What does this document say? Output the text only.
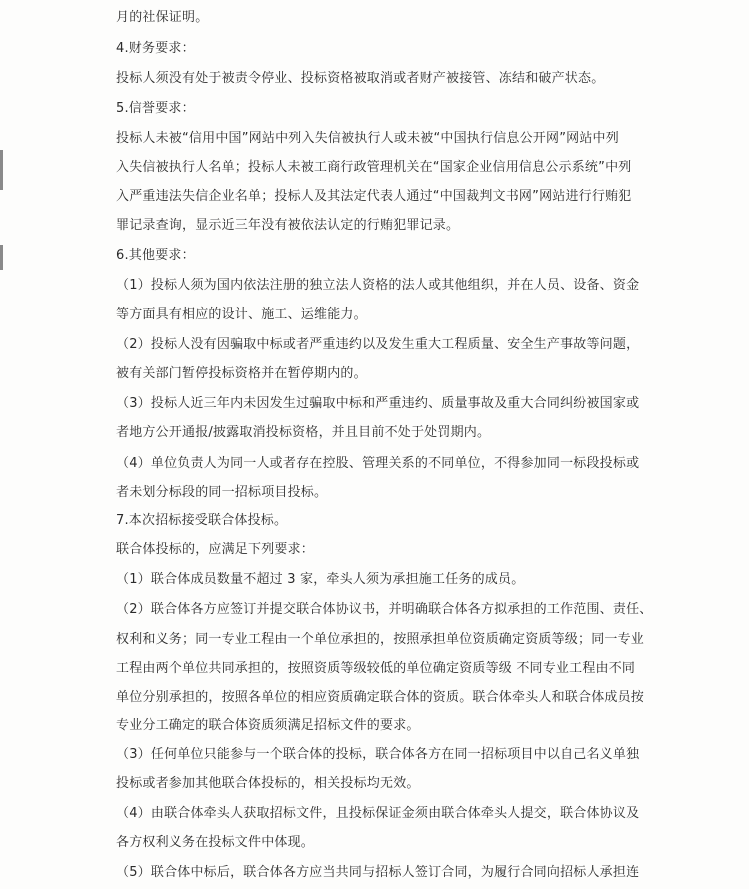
月的社保证明。
4.财务要求：
投标人须没有处于被责令停业、投标资格被取消或者财产被接管、冻结和破产状态。
5.信誉要求：
投标人未被“信用中国”网站中列入失信被执行人或未被“中国执行信息公开网”网站中列
入失信被执行人名单；投标人未被工商行政管理机关在“国家企业信用信息公示系统”中列
入严重违法失信企业名单；投标人及其法定代表人通过“中国裁判文书网”网站进行行贿犯
罪记录查询，显示近三年没有被依法认定的行贿犯罪记录。
6.其他要求：
（1）投标人须为国内依法注册的独立法人资格的法人或其他组织，并在人员、设备、资金
等方面具有相应的设计、施工、运维能力。
（2）投标人没有因骗取中标或者严重违约以及发生重大工程质量、安全生产事故等问题，
被有关部门暂停投标资格并在暂停期内的。
（3）投标人近三年内未因发生过骗取中标和严重违约、质量事故及重大合同纠纷被国家或
者地方公开通报/披露取消投标资格，并且目前不处于处罚期内。
（4）单位负责人为同一人或者存在控股、管理关系的不同单位，不得参加同一标段投标或
者未划分标段的同一招标项目投标。
7.本次招标接受联合体投标。
联合体投标的，应满足下列要求：
（1）联合体成员数量不超过 3 家，牵头人须为承担施工任务的成员。
（2）联合体各方应签订并提交联合体协议书，并明确联合体各方拟承担的工作范围、责任、
权利和义务；同一专业工程由一个单位承担的，按照承担单位资质确定资质等级；同一专业
工程由两个单位共同承担的，按照资质等级较低的单位确定资质等级 不同专业工程由不同
单位分别承担的，按照各单位的相应资质确定联合体的资质。联合体牵头人和联合体成员按
专业分工确定的联合体资质须满足招标文件的要求。
（3）任何单位只能参与一个联合体的投标，联合体各方在同一招标项目中以自己名义单独
投标或者参加其他联合体投标的，相关投标均无效。
（4）由联合体牵头人获取招标文件，且投标保证金须由联合体牵头人提交，联合体协议及
各方权利义务在投标文件中体现。
（5）联合体中标后，联合体各方应当共同与招标人签订合同，为履行合同向招标人承担连
